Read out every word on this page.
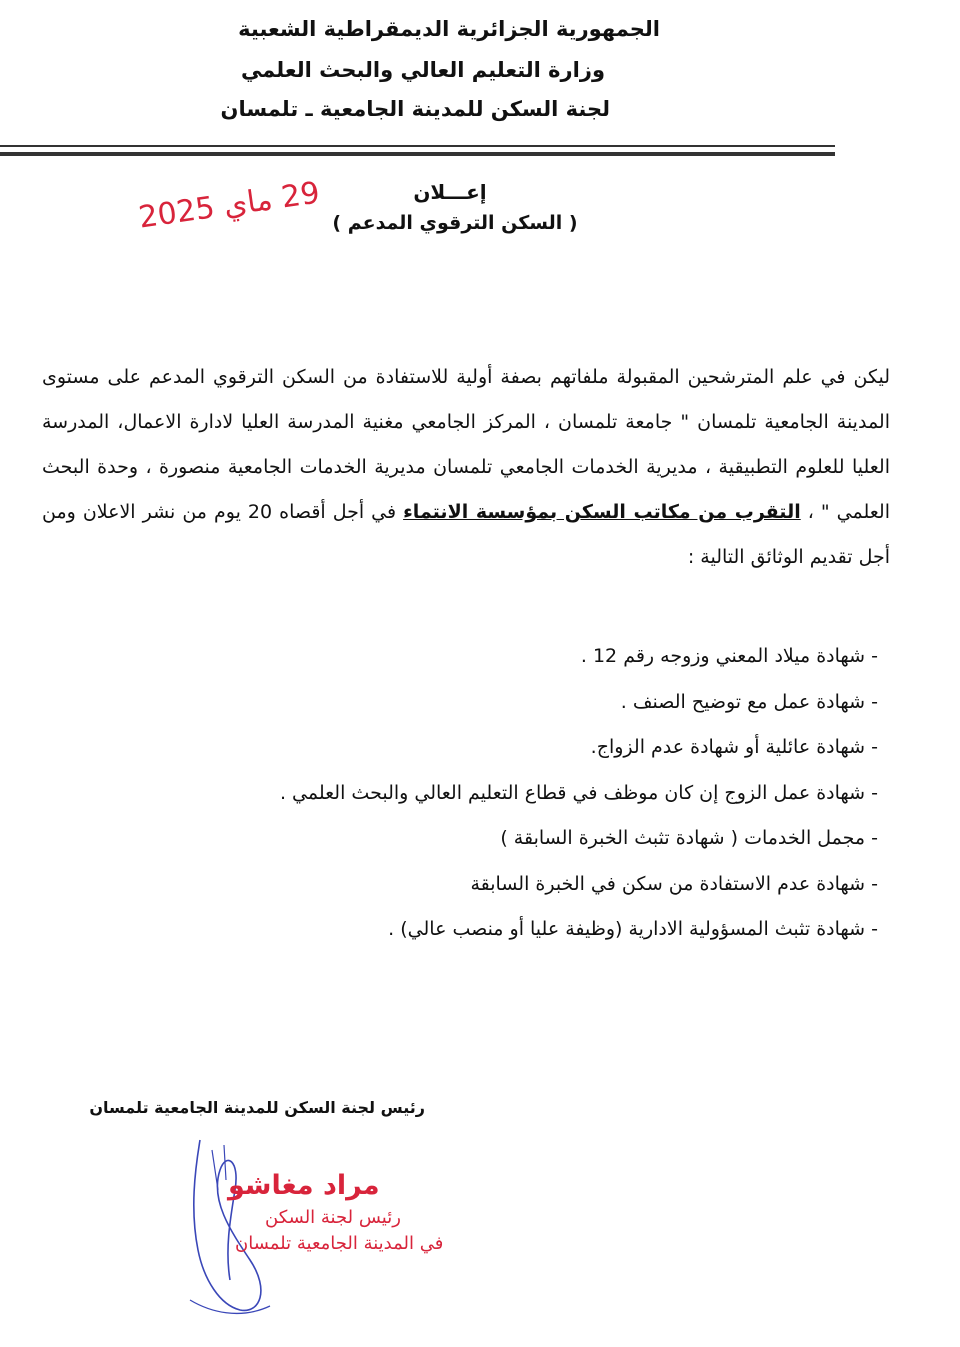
الجمهورية الجزائرية الديمقراطية الشعبية
وزارة التعليم العالي والبحث العلمي
لجنة السكن للمدينة الجامعية ـ تلمسان
إعـــلان
( السكن الترقوي المدعم )
29 ماي 2025
ليكن في علم المترشحين المقبولة ملفاتهم بصفة أولية للاستفادة من السكن الترقوي المدعم على مستوى المدينة الجامعية تلمسان " جامعة تلمسان ، المركز الجامعي مغنية المدرسة العليا لادارة الاعمال، المدرسة العليا للعلوم التطبيقية ، مديرية الخدمات الجامعي تلمسان مديرية الخدمات الجامعية منصورة ، وحدة البحث العلمي " ، التقرب من مكاتب السكن بمؤسسة الانتماء في أجل أقصاه 20 يوم من نشر الاعلان ومن أجل تقديم الوثائق التالية :
- شهادة ميلاد المعني وزوجه رقم 12 .
- شهادة عمل مع توضيح الصنف .
- شهادة عائلية أو شهادة عدم الزواج.
- شهادة عمل الزوج إن كان موظف في قطاع التعليم العالي والبحث العلمي .
- مجمل الخدمات ( شهادة تثبث الخبرة السابقة )
- شهادة عدم الاستفادة من سكن في الخبرة السابقة
- شهادة تثبث المسؤولية الادارية (وظيفة عليا أو منصب عالي) .
رئيس لجنة السكن للمدينة الجامعية تلمسان
مراد مغاشو
رئيس لجنة السكن
في المدينة الجامعية تلمسان
